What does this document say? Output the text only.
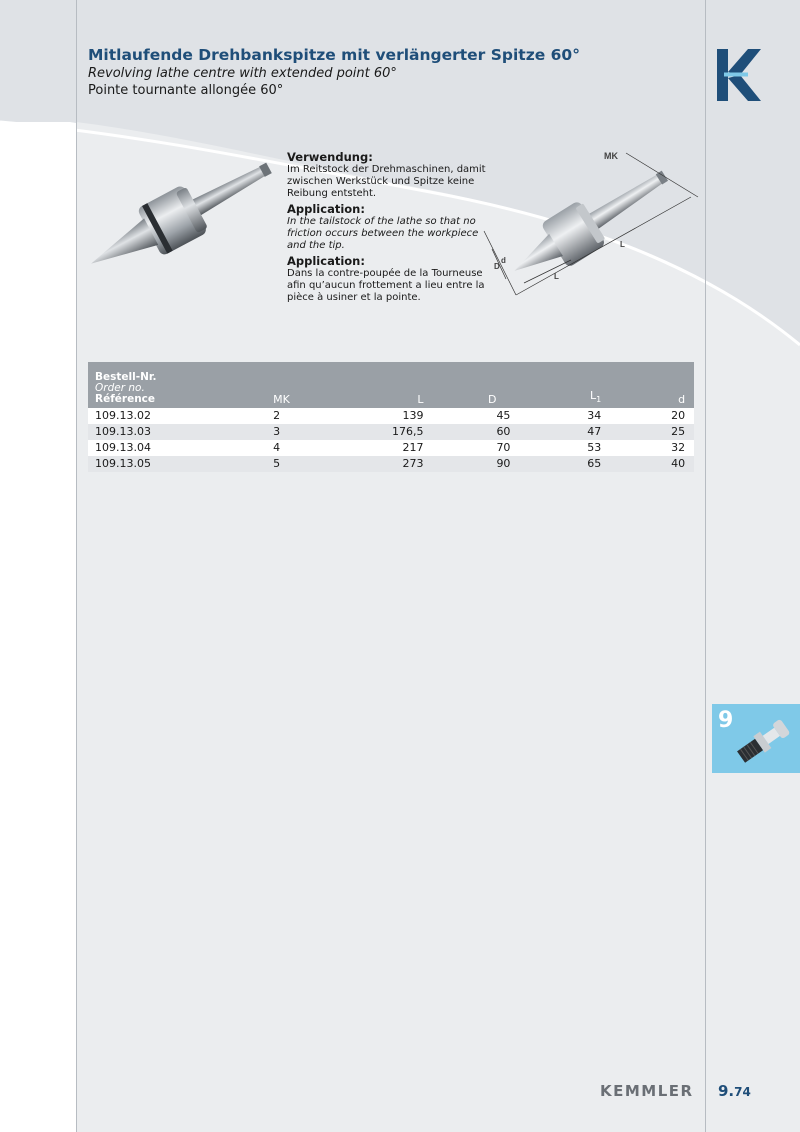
Mitlaufende Drehbankspitze mit verlängerter Spitze 60°

Revolving lathe centre with extended point 60°

Pointe tournante allongée 60°

Verwendung:

Im Reitstock der Drehmaschinen, damit zwischen Werkstück und Spitze keine Reibung entsteht.

Application:

In the tailstock of the lathe so that no friction occurs between the workpiece and the tip.

Application:

Dans la contre-poupée de la Tourneuse afin qu’aucun frottement a lieu entre la pièce à usiner et la pointe.

MK
D
d
L
L
Bestell-Nr.
Order no.
Référence	MK	L	D	$L_1$	d	

109.13.02	2	139	45	34	20	
109.13.03	3	176,5	60	47	25	
109.13.04	4	217	70	53	32	
109.13.05	5	273	90	65	40	
9
KEMMLER 9.74
